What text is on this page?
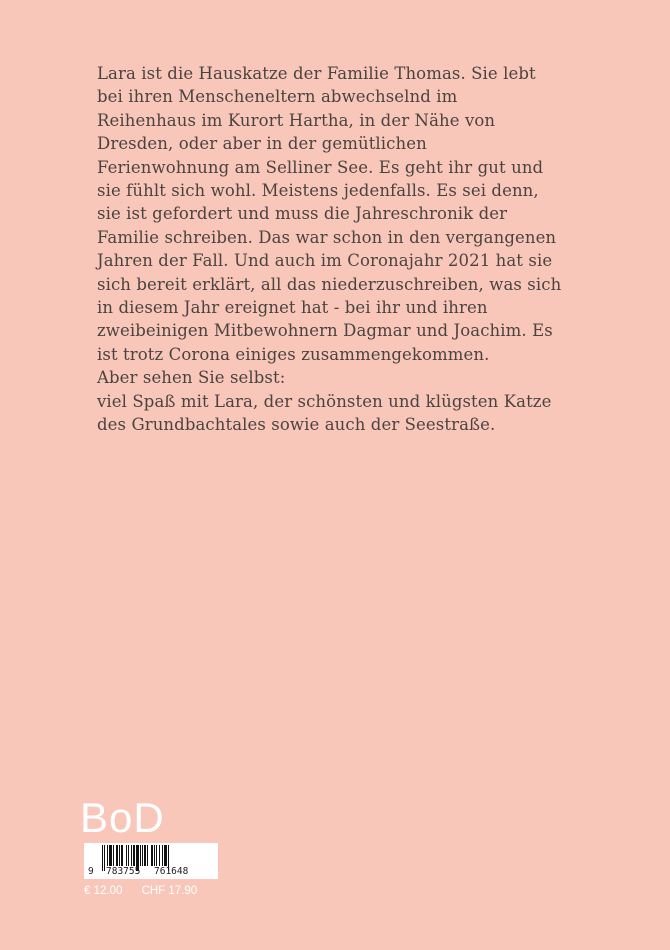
Lara ist die Hauskatze der Familie Thomas. Sie lebt
bei ihren Menscheneltern abwechselnd im
Reihenhaus im Kurort Hartha, in der Nähe von
Dresden, oder aber in der gemütlichen
Ferienwohnung am Selliner See. Es geht ihr gut und
sie fühlt sich wohl. Meistens jedenfalls. Es sei denn,
sie ist gefordert und muss die Jahreschronik der
Familie schreiben. Das war schon in den vergangenen
Jahren der Fall. Und auch im Coronajahr 2021 hat sie
sich bereit erklärt, all das niederzuschreiben, was sich
in diesem Jahr ereignet hat - bei ihr und ihren
zweibeinigen Mitbewohnern Dagmar und Joachim. Es
ist trotz Corona einiges zusammengekommen.
Aber sehen Sie selbst:
viel Spaß mit Lara, der schönsten und klügsten Katze
des Grundbachtales sowie auch der Seestraße.
BoD
9 783755 761648
€ 12.00 CHF 17.90
